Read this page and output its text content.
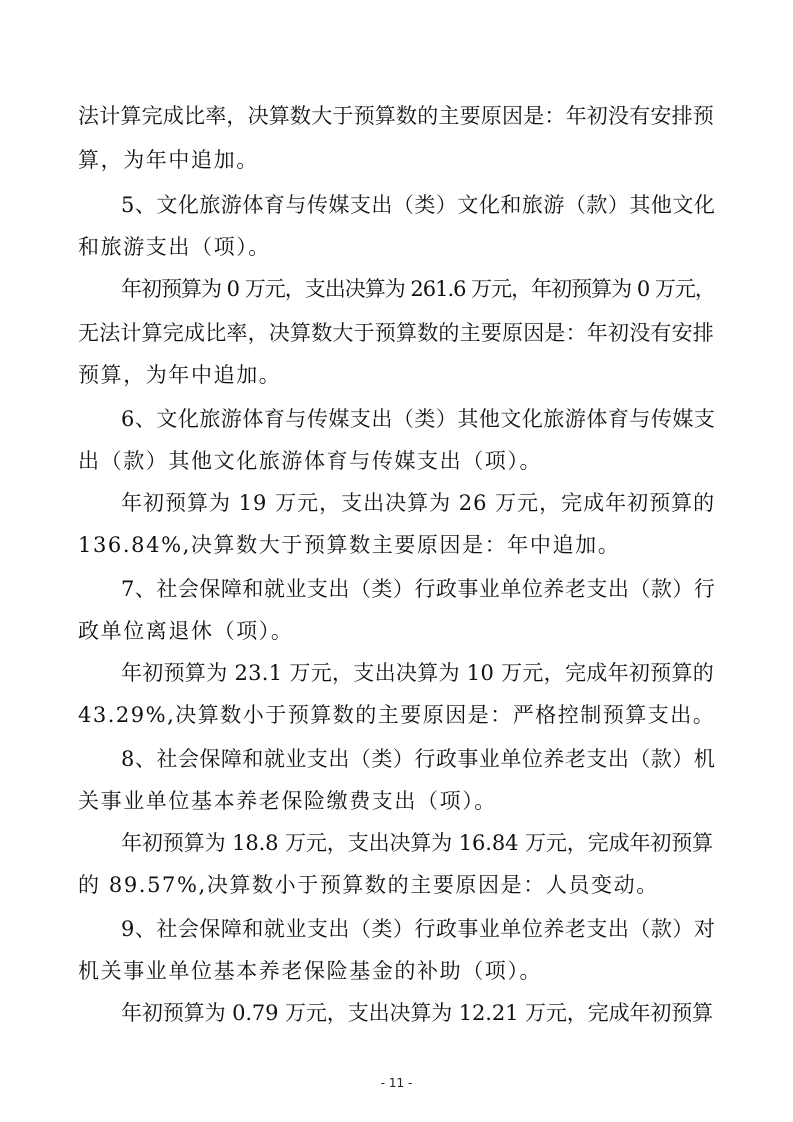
法计算完成比率，决算数大于预算数的主要原因是：年初没有安排预
算，为年中追加。
5、文化旅游体育与传媒支出（类）文化和旅游（款）其他文化
和旅游支出（项）。
年初预算为 0 万元，支出决算为 261.6 万元，年初预算为 0 万元，
无法计算完成比率，决算数大于预算数的主要原因是：年初没有安排
预算，为年中追加。
6、文化旅游体育与传媒支出（类）其他文化旅游体育与传媒支
出（款）其他文化旅游体育与传媒支出（项）。
年初预算为 19 万元，支出决算为 26 万元，完成年初预算的
136.84%,决算数大于预算数主要原因是：年中追加。
7、社会保障和就业支出（类）行政事业单位养老支出（款）行
政单位离退休（项）。
年初预算为 23.1 万元，支出决算为 10 万元，完成年初预算的
43.29%,决算数小于预算数的主要原因是：严格控制预算支出。
8、社会保障和就业支出（类）行政事业单位养老支出（款）机
关事业单位基本养老保险缴费支出（项）。
年初预算为 18.8 万元，支出决算为 16.84 万元，完成年初预算
的 89.57%,决算数小于预算数的主要原因是：人员变动。
9、社会保障和就业支出（类）行政事业单位养老支出（款）对
机关事业单位基本养老保险基金的补助（项）。
年初预算为 0.79 万元，支出决算为 12.21 万元，完成年初预算
- 11 -
